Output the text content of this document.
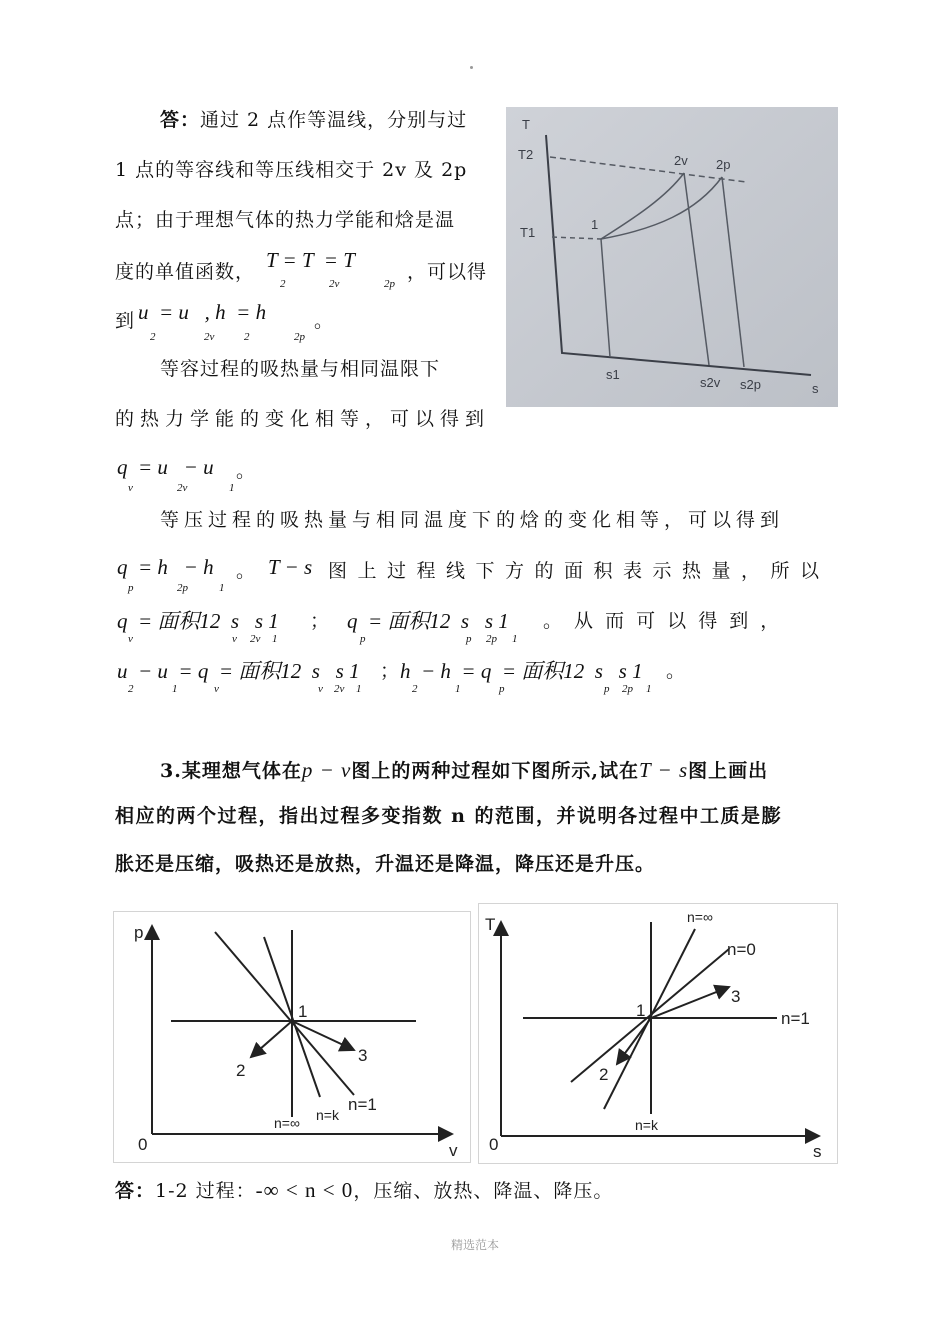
答：通过 2 点作等温线，分别与过
1 点的等容线和等压线相交于 2v 及 2p
点；由于理想气体的热力学能和焓是温
度的单值函数， T = T  = T
2	2v	2p
，可以得
到 u  = u   , h  = h
2	2v	2	2p
。
等容过程的吸热量与相同温限下
的热力学能的变化相等，可以得到
q  = u   − u
v	2v	1
。
等压过程的吸热量与相同温度下的焓的变化相等，可以得到
q  = h   − h
p	2p	1
。 T − s 图上过程线下方的面积表示热量，所以
q  = 面积12  s   s 1
v	v 2v 1
； q  = 面积12  s   s 1
p	p 2p 1
。 从 而 可 以 得 到 ，
u  − u  = q  = 面积12  s   s 1
2	1	v	v 2v 1
； h  − h  = q  = 面积12  s   s 1
2	1	p	p 2p 1
。
3.某理想气体在p − v图上的两种过程如下图所示,试在T − s图上画出
相应的两个过程，指出过程多变指数 n 的范围，并说明各过程中工质是膨
胀还是压缩，吸热还是放热，升温还是降温，降压还是升压。
T
T2
T1
1
2v 2p
s1
s2v s2p	s
p
v
0
1
2
3
n=1
n=∞ n=k
T
s
0
1
2
3
n=0
n=1
n=∞
n=k
答：1-2 过程：-∞ < n < 0，压缩、放热、降温、降压。
精选范本
